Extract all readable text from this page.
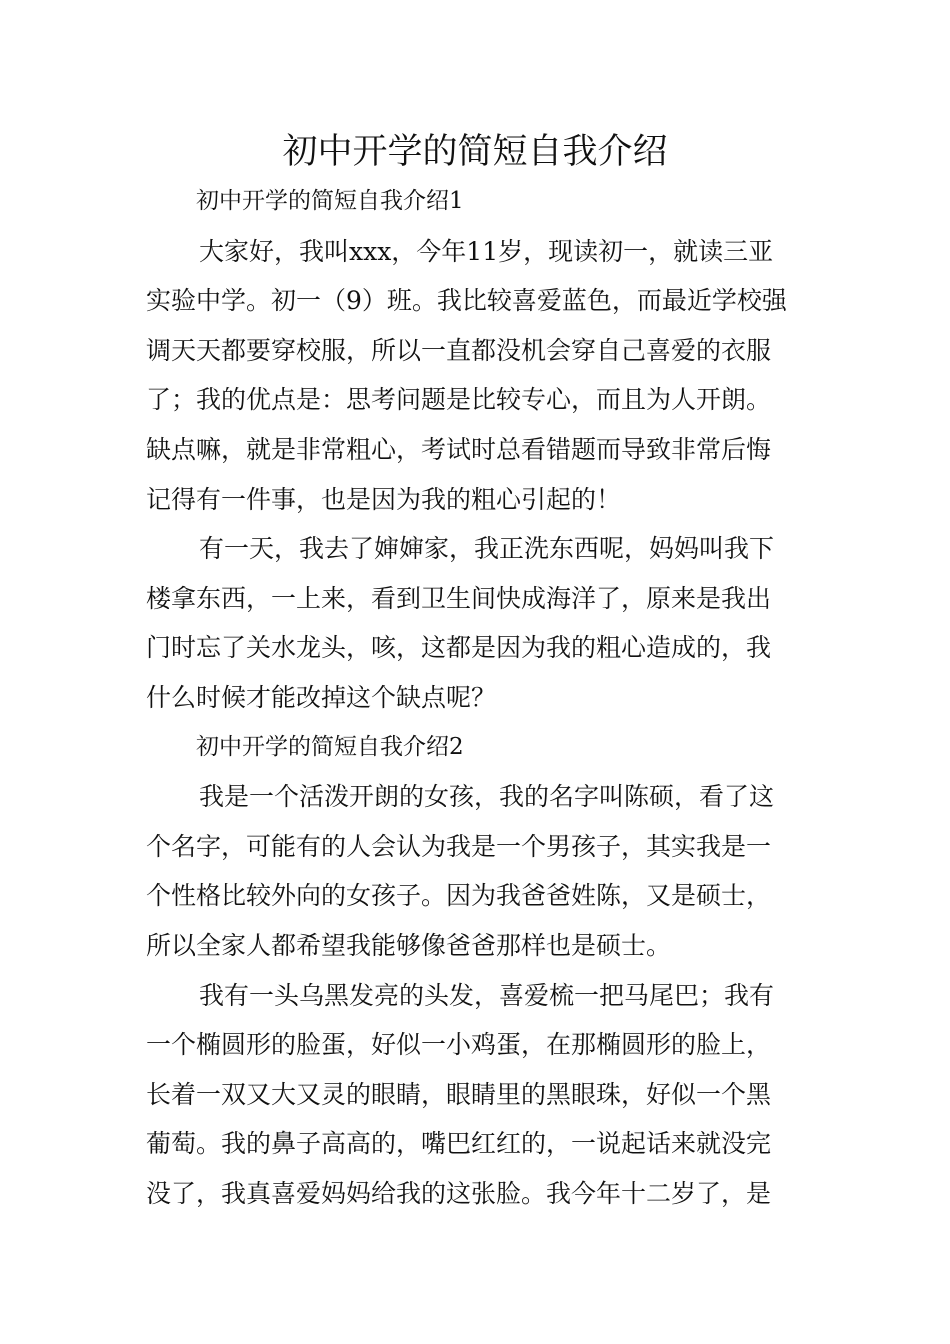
初中开学的简短自我介绍
初中开学的简短自我介绍1
大家好，我叫xxx，今年11岁，现读初一，就读三亚
实验中学。初一（9）班。我比较喜爱蓝色，而最近学校强
调天天都要穿校服，所以一直都没机会穿自己喜爱的衣服
了；我的优点是：思考问题是比较专心，而且为人开朗。
缺点嘛，就是非常粗心，考试时总看错题而导致非常后悔
记得有一件事，也是因为我的粗心引起的！
有一天，我去了婶婶家，我正洗东西呢，妈妈叫我下
楼拿东西，一上来，看到卫生间快成海洋了，原来是我出
门时忘了关水龙头，咳，这都是因为我的粗心造成的，我
什么时候才能改掉这个缺点呢？
初中开学的简短自我介绍2
我是一个活泼开朗的女孩，我的名字叫陈硕，看了这
个名字，可能有的人会认为我是一个男孩子，其实我是一
个性格比较外向的女孩子。因为我爸爸姓陈，又是硕士，
所以全家人都希望我能够像爸爸那样也是硕士。
我有一头乌黑发亮的头发，喜爱梳一把马尾巴；我有
一个椭圆形的脸蛋，好似一小鸡蛋，在那椭圆形的脸上，
长着一双又大又灵的眼睛，眼睛里的黑眼珠，好似一个黑
葡萄。我的鼻子高高的，嘴巴红红的，一说起话来就没完
没了，我真喜爱妈妈给我的这张脸。我今年十二岁了，是
